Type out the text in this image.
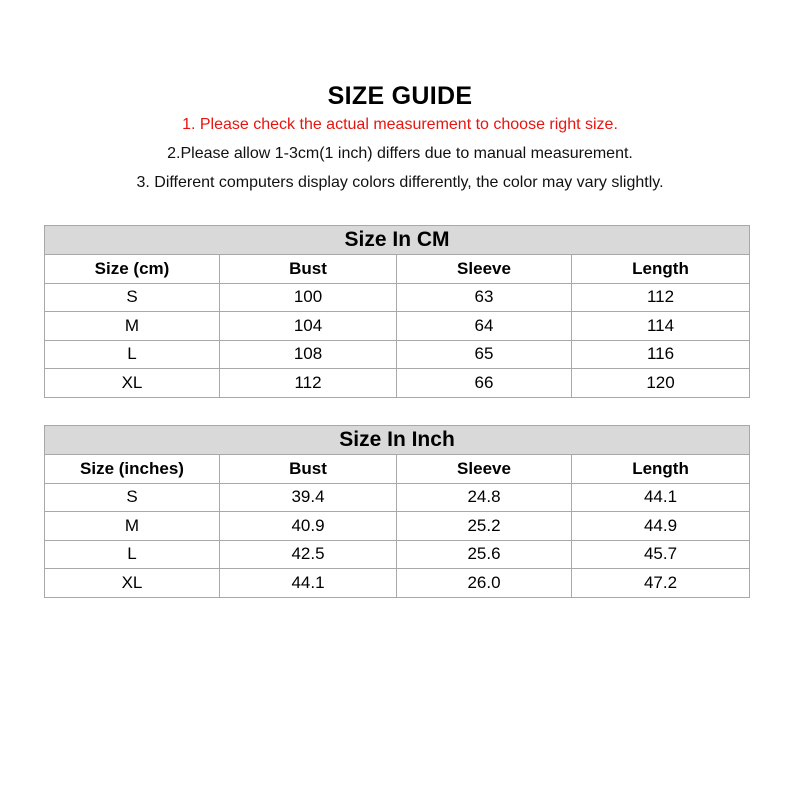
SIZE GUIDE
1. Please check the actual measurement to choose right size.
2.Please allow 1-3cm(1 inch) differs due to manual measurement.
3. Different computers display colors differently, the color may vary slightly.
Size In CM			
Size (cm)	Bust	Sleeve	Length
S	100	63	112
M	104	64	114
L	108	65	116
XL	112	66	120
Size In Inch			
Size (inches)	Bust	Sleeve	Length
S	39.4	24.8	44.1
M	40.9	25.2	44.9
L	42.5	25.6	45.7
XL	44.1	26.0	47.2
